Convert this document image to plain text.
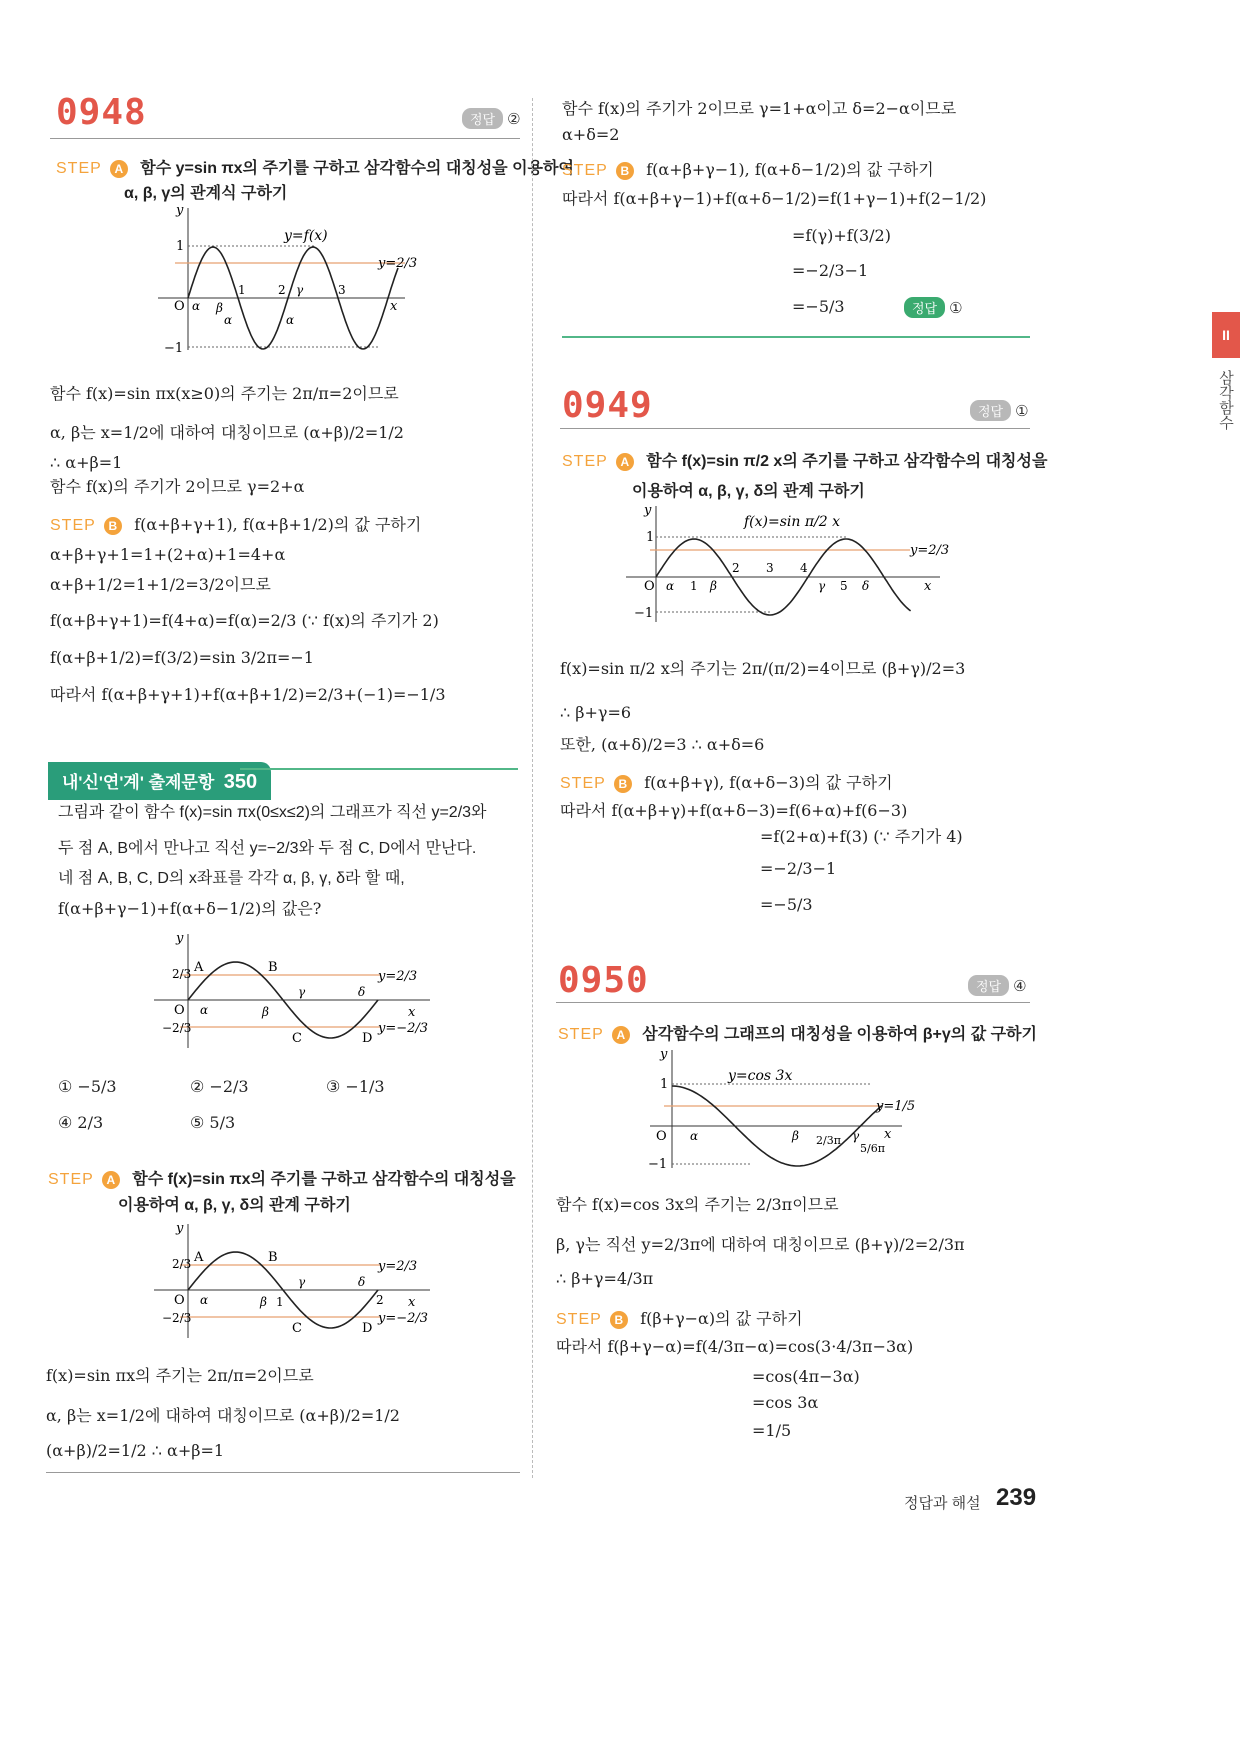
0948	정답 ②
STEP A 함수 y=sin πx의 주기를 구하고 삼각함수의 대칭성을 이용하여
α, β, γ의 관계식 구하기
y
x
O
1
−1
α β
1	2 γ	3
α	α
y=f(x)
y=2/3
함수 f(x)=sin πx(x≥0)의 주기는 2π/π=2이므로
α, β는 x=1/2에 대하여 대칭이므로 (α+β)/2=1/2
∴ α+β=1
함수 f(x)의 주기가 2이므로 γ=2+α
STEP B f(α+β+γ+1), f(α+β+1/2)의 값 구하기
α+β+γ+1=1+(2+α)+1=4+α
α+β+1/2=1+1/2=3/2이므로
f(α+β+γ+1)=f(4+α)=f(α)=2/3 (∵ f(x)의 주기가 2)
f(α+β+1/2)=f(3/2)=sin 3/2π=−1
따라서 f(α+β+γ+1)+f(α+β+1/2)=2/3+(−1)=−1/3
내'신'연'계' 출제문항 350
그림과 같이 함수 f(x)=sin πx(0≤x≤2)의 그래프가 직선 y=2/3와
두 점 A, B에서 만나고 직선 y=−2/3와 두 점 C, D에서 만난다.
네 점 A, B, C, D의 x좌표를 각각 α, β, γ, δ라 할 때,
f(α+β+γ−1)+f(α+δ−1/2)의 값은?
y
x
O
2/3
−2/3
A	B
C	D
α	β
γ	δ
y=2/3
y=−2/3
① −5/3	② −2/3	③ −1/3
④ 2/3	⑤ 5/3
STEP A 함수 f(x)=sin πx의 주기를 구하고 삼각함수의 대칭성을
이용하여 α, β, γ, δ의 관계 구하기
y
x
O
2/3
−2/3
A	B
C	D
α	β 1
γ
2
δ
y=2/3
y=−2/3
f(x)=sin πx의 주기는 2π/π=2이므로
α, β는 x=1/2에 대하여 대칭이므로 (α+β)/2=1/2
(α+β)/2=1/2 ∴ α+β=1
함수 f(x)의 주기가 2이므로 γ=1+α이고 δ=2−α이므로
α+δ=2
STEP B f(α+β+γ−1), f(α+δ−1/2)의 값 구하기
따라서 f(α+β+γ−1)+f(α+δ−1/2)=f(1+γ−1)+f(2−1/2)
=f(γ)+f(3/2)
=−2/3−1
=−5/3	정답 ①
0949	정답 ①
STEP A 함수 f(x)=sin π/2 x의 주기를 구하고 삼각함수의 대칭성을
이용하여 α, β, γ, δ의 관계 구하기
y
x
O
1
−1
f(x)=sin π/2 x
y=2/3
α 1 β
2 3 4
γ 5 δ
f(x)=sin π/2 x의 주기는 2π/(π/2)=4이므로 (β+γ)/2=3
∴ β+γ=6
또한, (α+δ)/2=3 ∴ α+δ=6
STEP B f(α+β+γ), f(α+δ−3)의 값 구하기
따라서 f(α+β+γ)+f(α+δ−3)=f(6+α)+f(6−3)
=f(2+α)+f(3) (∵ 주기가 4)
=−2/3−1
=−5/3
0950	정답 ④
STEP A 삼각함수의 그래프의 대칭성을 이용하여 β+γ의 값 구하기
y
x
O
1
−1
y=cos 3x
y=1/5
α	β 2/3π γ
5/6π
함수 f(x)=cos 3x의 주기는 2/3π이므로
β, γ는 직선 y=2/3π에 대하여 대칭이므로 (β+γ)/2=2/3π
∴ β+γ=4/3π
STEP B f(β+γ−α)의 값 구하기
따라서 f(β+γ−α)=f(4/3π−α)=cos(3·4/3π−3α)
=cos(4π−3α)
=cos 3α
=1/5
II
삼각함수
정답과 해설 239
